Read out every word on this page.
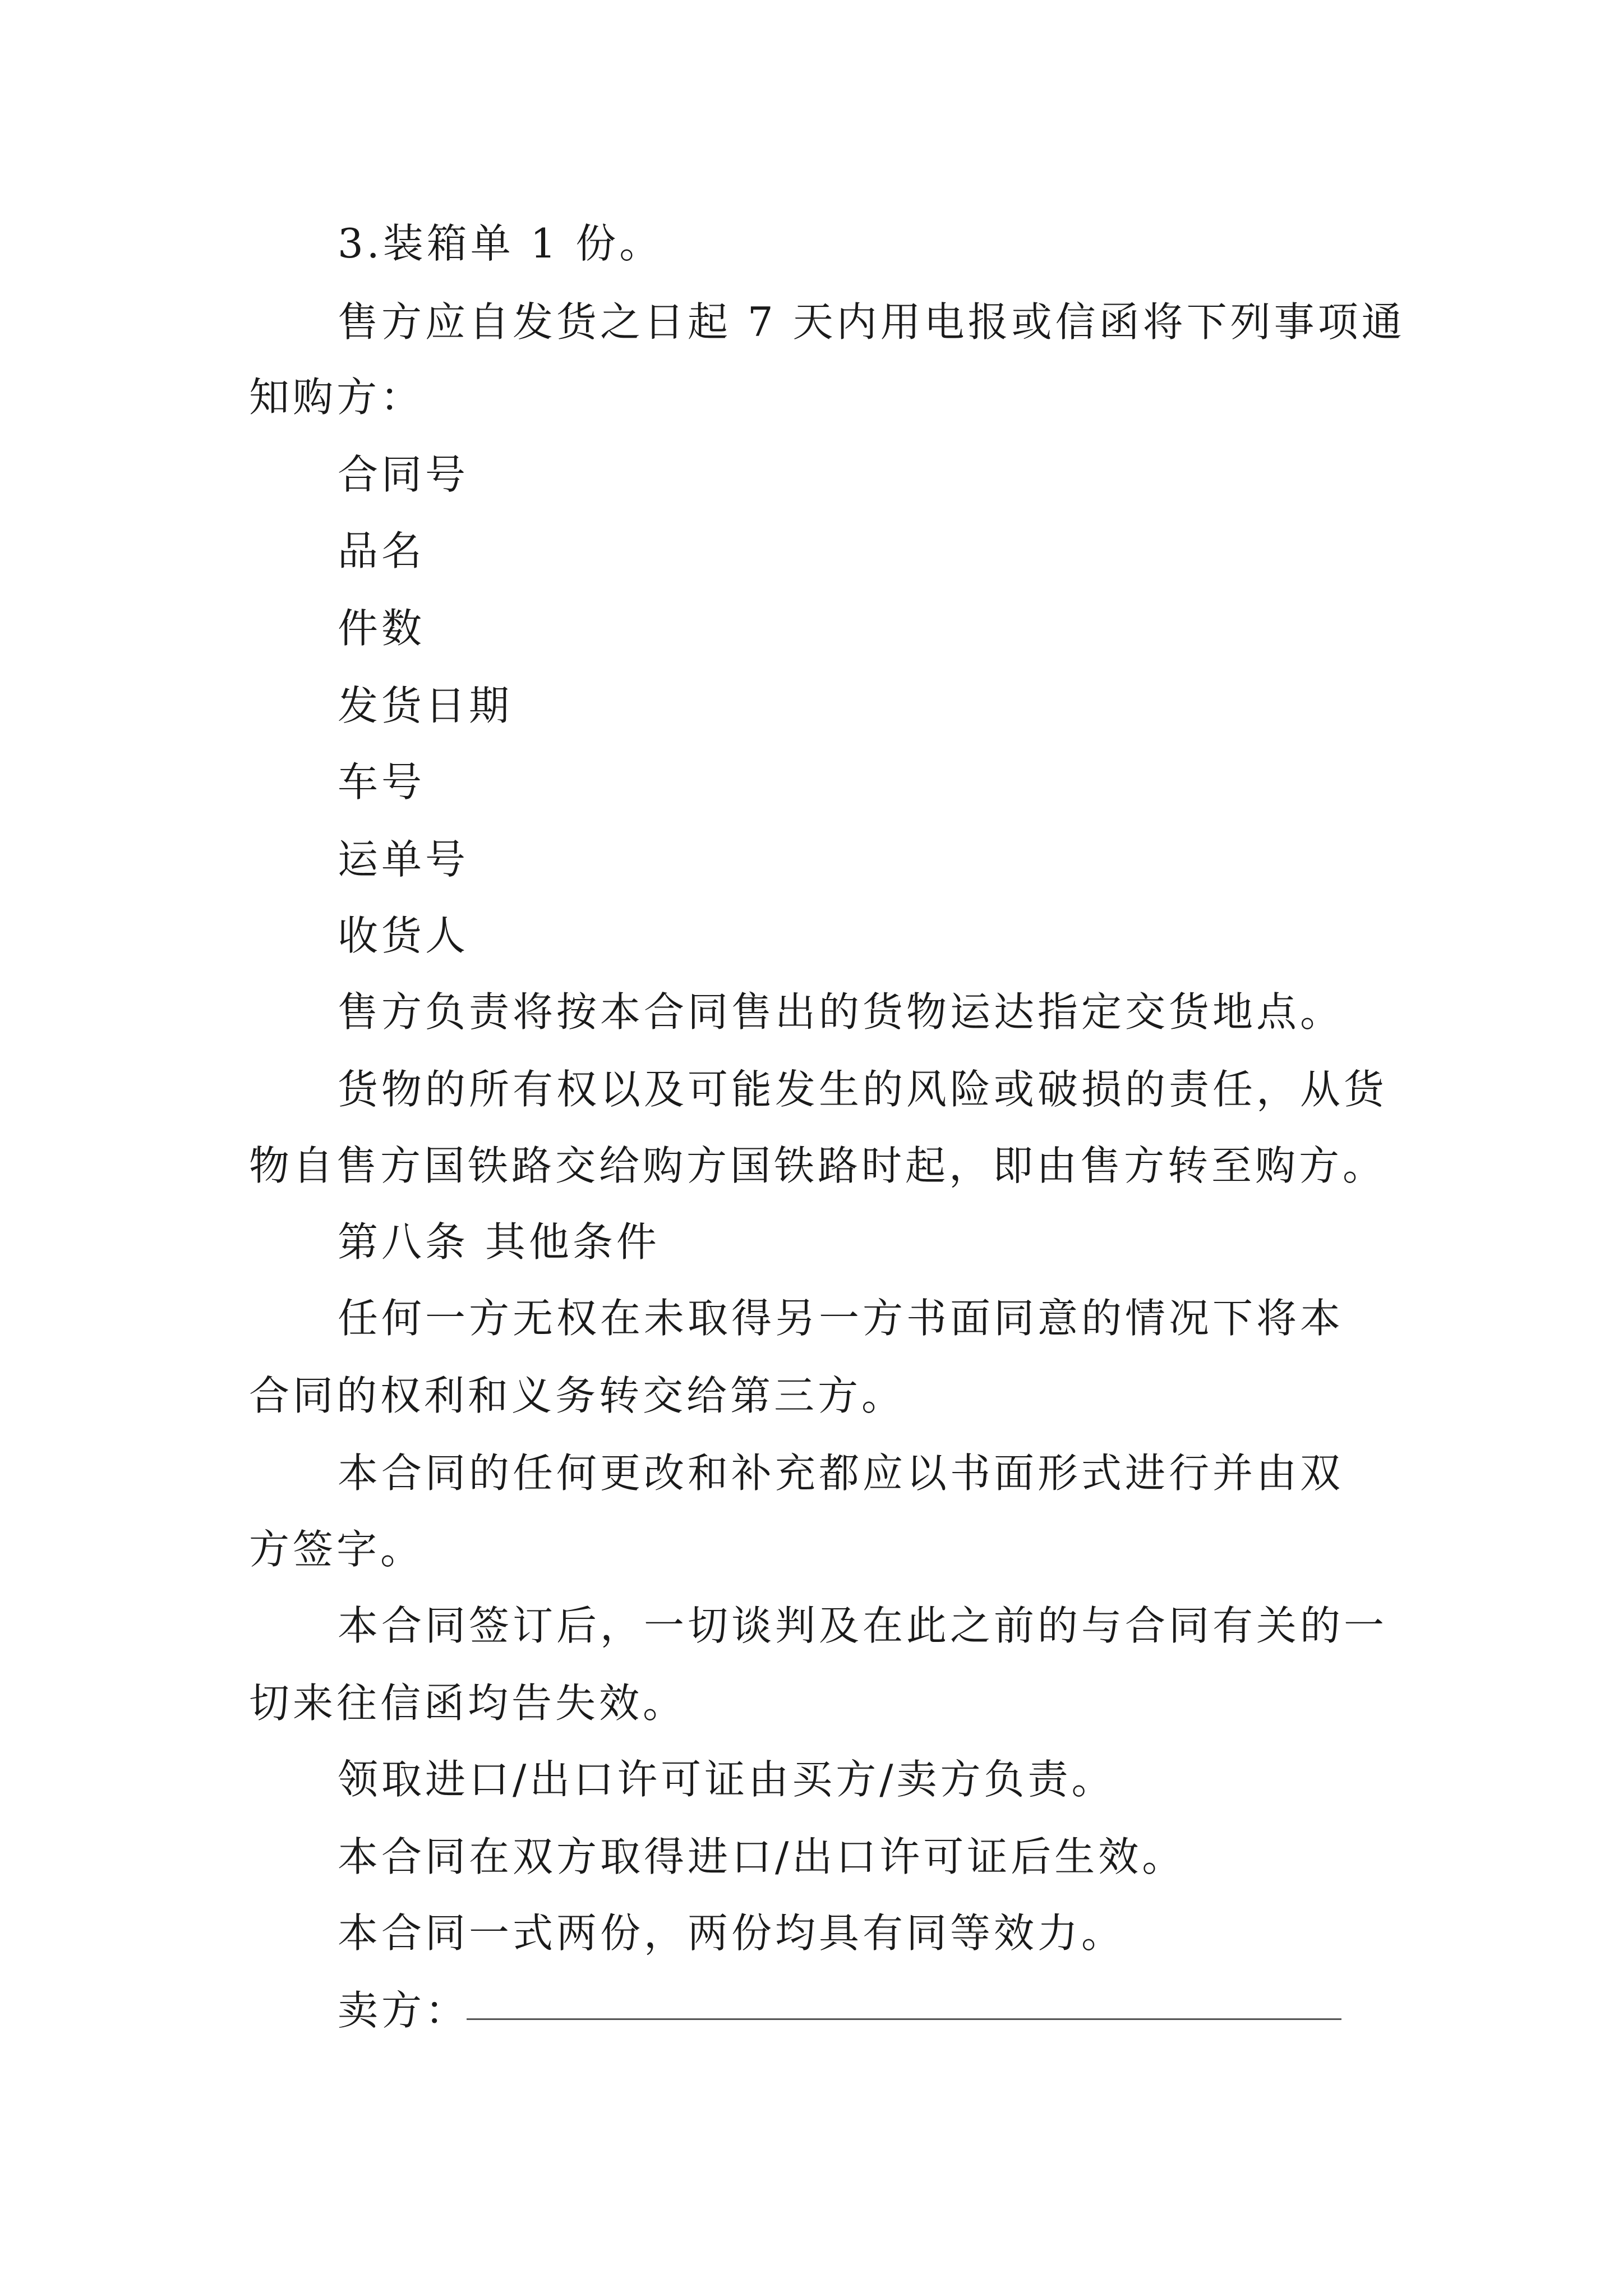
3.装箱单 1 份。
售方应自发货之日起 7 天内用电报或信函将下列事项通
知购方：
合同号
品名
件数
发货日期
车号
运单号
收货人
售方负责将按本合同售出的货物运达指定交货地点。
货物的所有权以及可能发生的风险或破损的责任，从货
物自售方国铁路交给购方国铁路时起，即由售方转至购方。
第八条 其他条件
任何一方无权在未取得另一方书面同意的情况下将本
合同的权利和义务转交给第三方。
本合同的任何更改和补充都应以书面形式进行并由双
方签字。
本合同签订后，一切谈判及在此之前的与合同有关的一
切来往信函均告失效。
领取进口/出口许可证由买方/卖方负责。
本合同在双方取得进口/出口许可证后生效。
本合同一式两份，两份均具有同等效力。
卖方：
